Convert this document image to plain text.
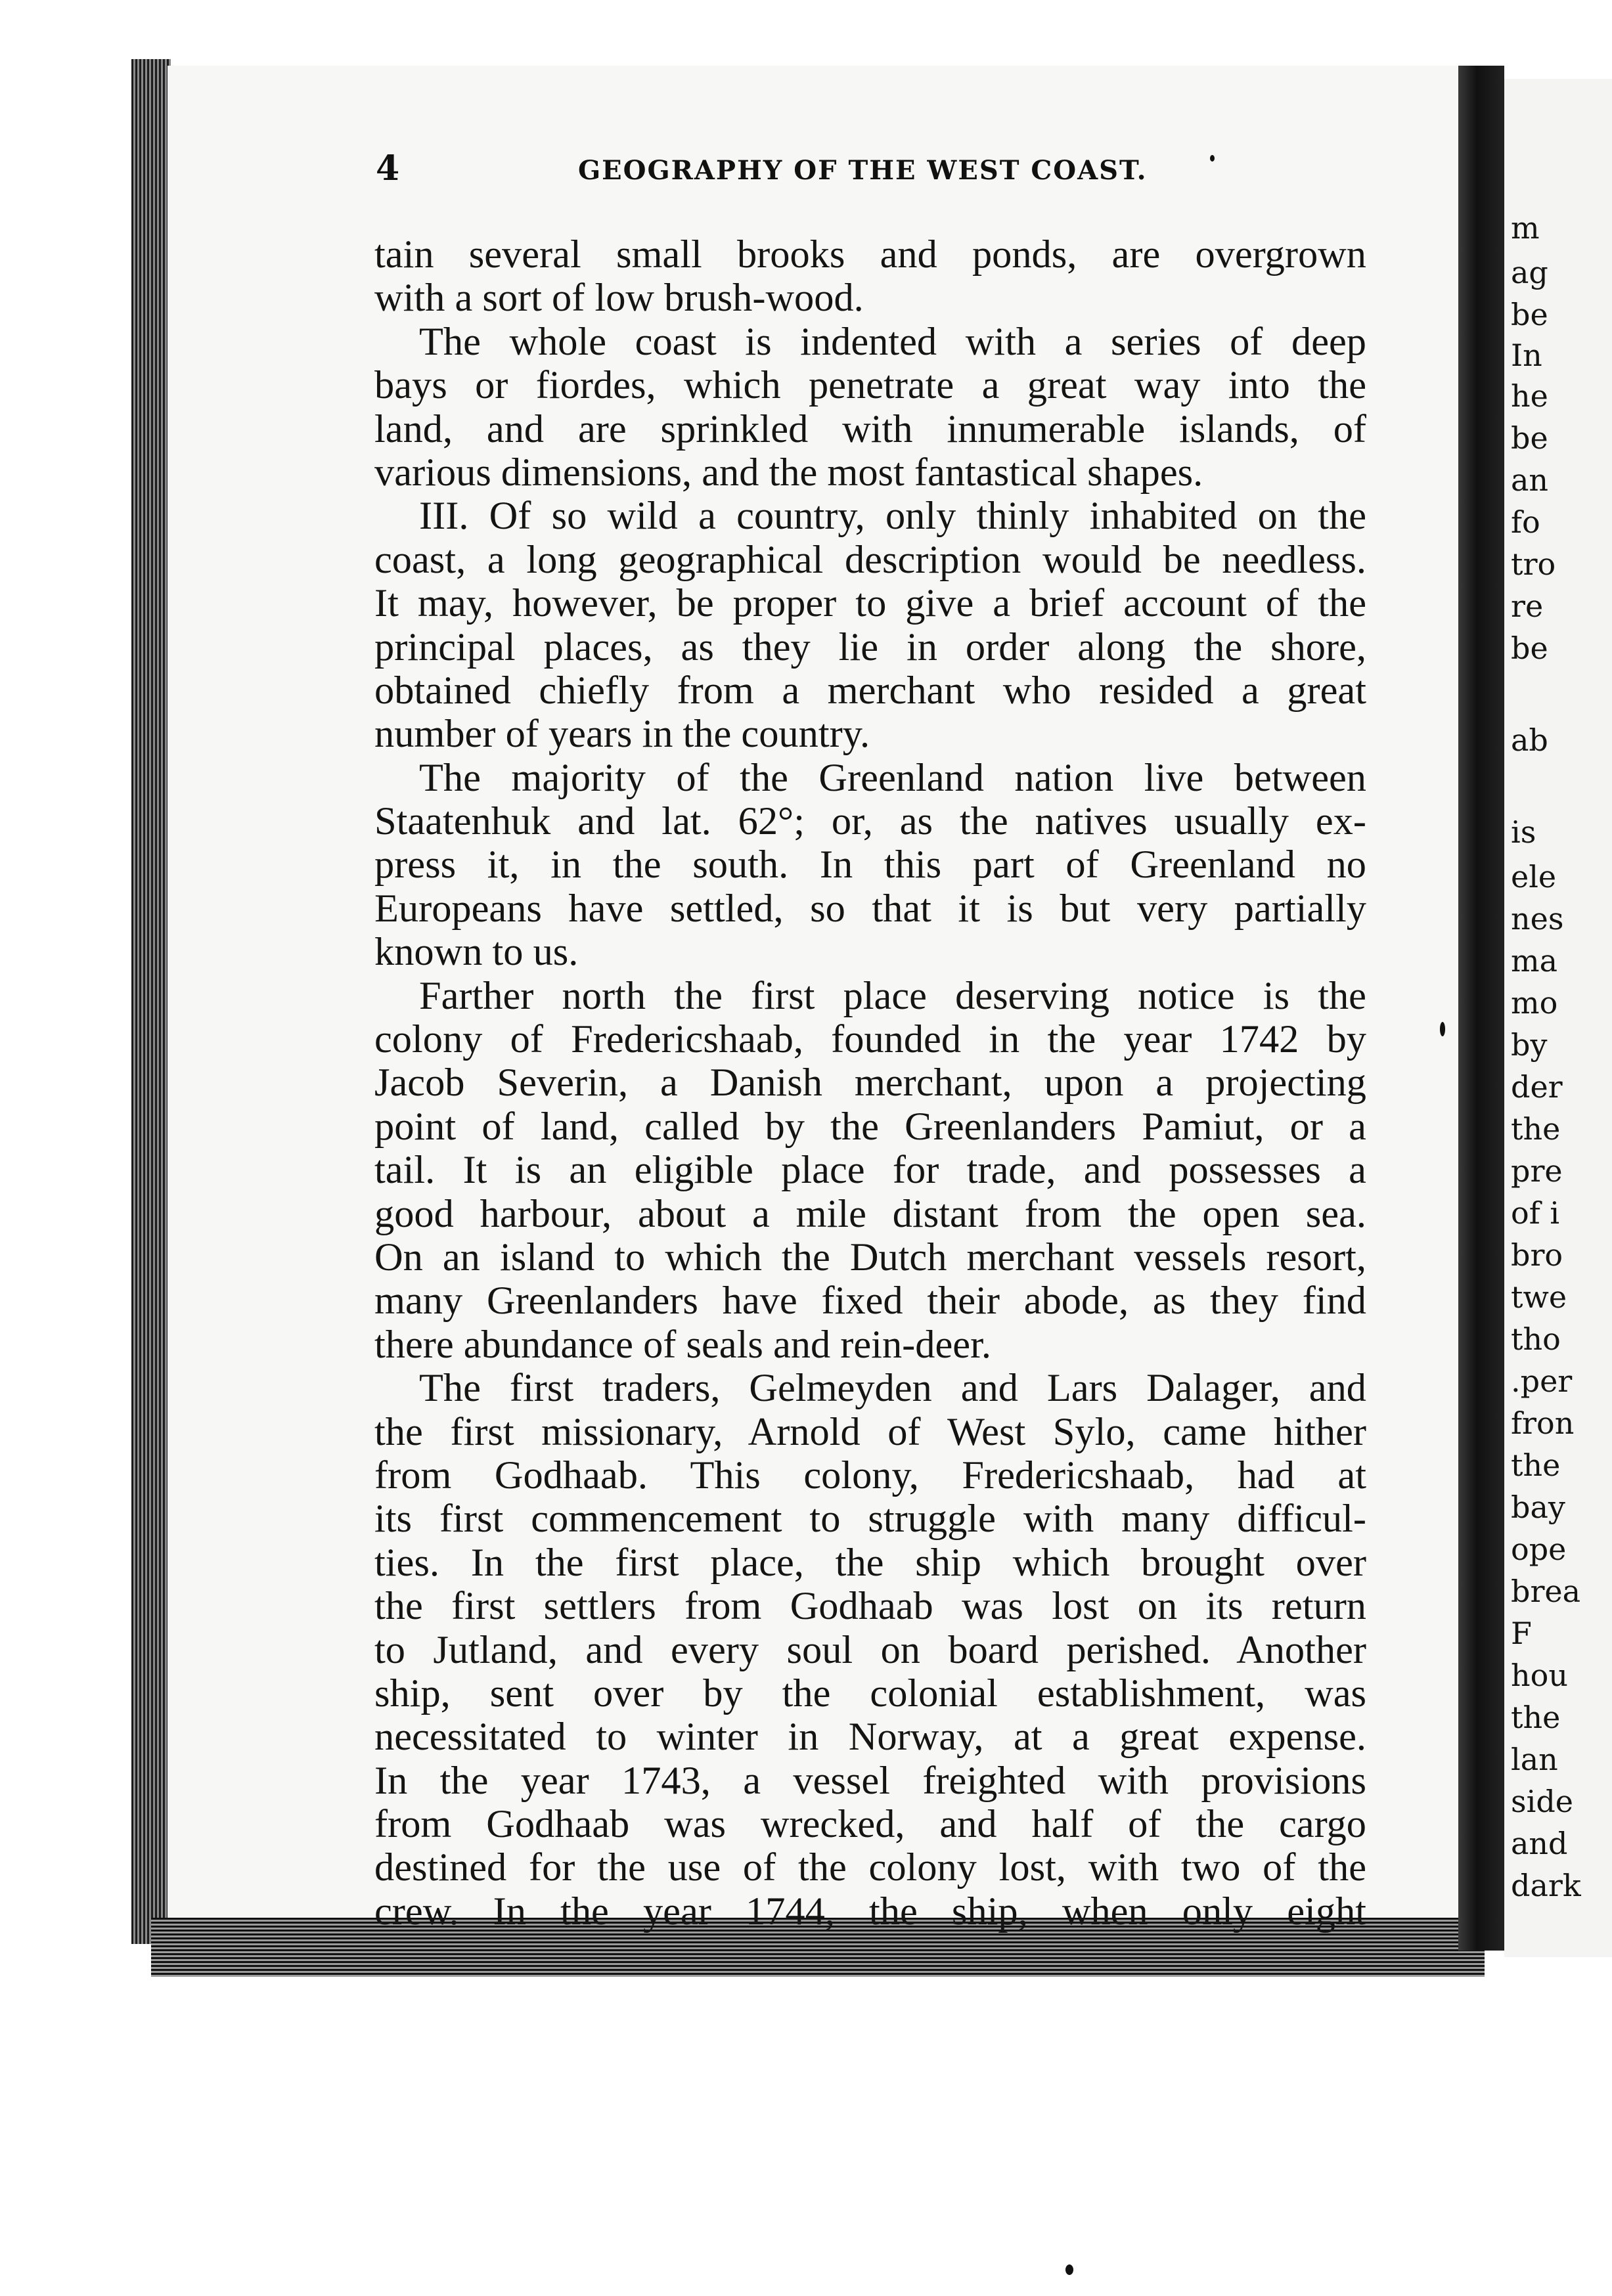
4	GEOGRAPHY OF THE WEST COAST.
tain several small brooks and ponds, are overgrown
with a sort of low brush-wood.
The whole coast is indented with a series of deep
bays or fiordes, which penetrate a great way into the
land, and are sprinkled with innumerable islands, of
various dimensions, and the most fantastical shapes.
III. Of so wild a country, only thinly inhabited on the
coast, a long geographical description would be needless.
It may, however, be proper to give a brief account of the
principal places, as they lie in order along the shore,
obtained chiefly from a merchant who resided a great
number of years in the country.
The majority of the Greenland nation live between
Staatenhuk and lat. 62°; or, as the natives usually ex-
press it, in the south. In this part of Greenland no
Europeans have settled, so that it is but very partially
known to us.
Farther north the first place deserving notice is the
colony of Fredericshaab, founded in the year 1742 by
Jacob Severin, a Danish merchant, upon a projecting
point of land, called by the Greenlanders Pamiut, or a
tail. It is an eligible place for trade, and possesses a
good harbour, about a mile distant from the open sea.
On an island to which the Dutch merchant vessels resort,
many Greenlanders have fixed their abode, as they find
there abundance of seals and rein-deer.
The first traders, Gelmeyden and Lars Dalager, and
the first missionary, Arnold of West Sylo, came hither
from Godhaab. This colony, Fredericshaab, had at
its first commencement to struggle with many difficul-
ties. In the first place, the ship which brought over
the first settlers from Godhaab was lost on its return
to Jutland, and every soul on board perished. Another
ship, sent over by the colonial establishment, was
necessitated to winter in Norway, at a great expense.
In the year 1743, a vessel freighted with provisions
from Godhaab was wrecked, and half of the cargo
destined for the use of the colony lost, with two of the
crew. In the year 1744, the ship, when only eight
m
ag
be
In
he
be
an
fo
tro
re
be
ab
is
ele
nes
ma
mo
by
der
the
pre
of i
bro
twe
tho
.per
fron
the
bay
ope
brea
F
hou
the
lan
side
and
dark
